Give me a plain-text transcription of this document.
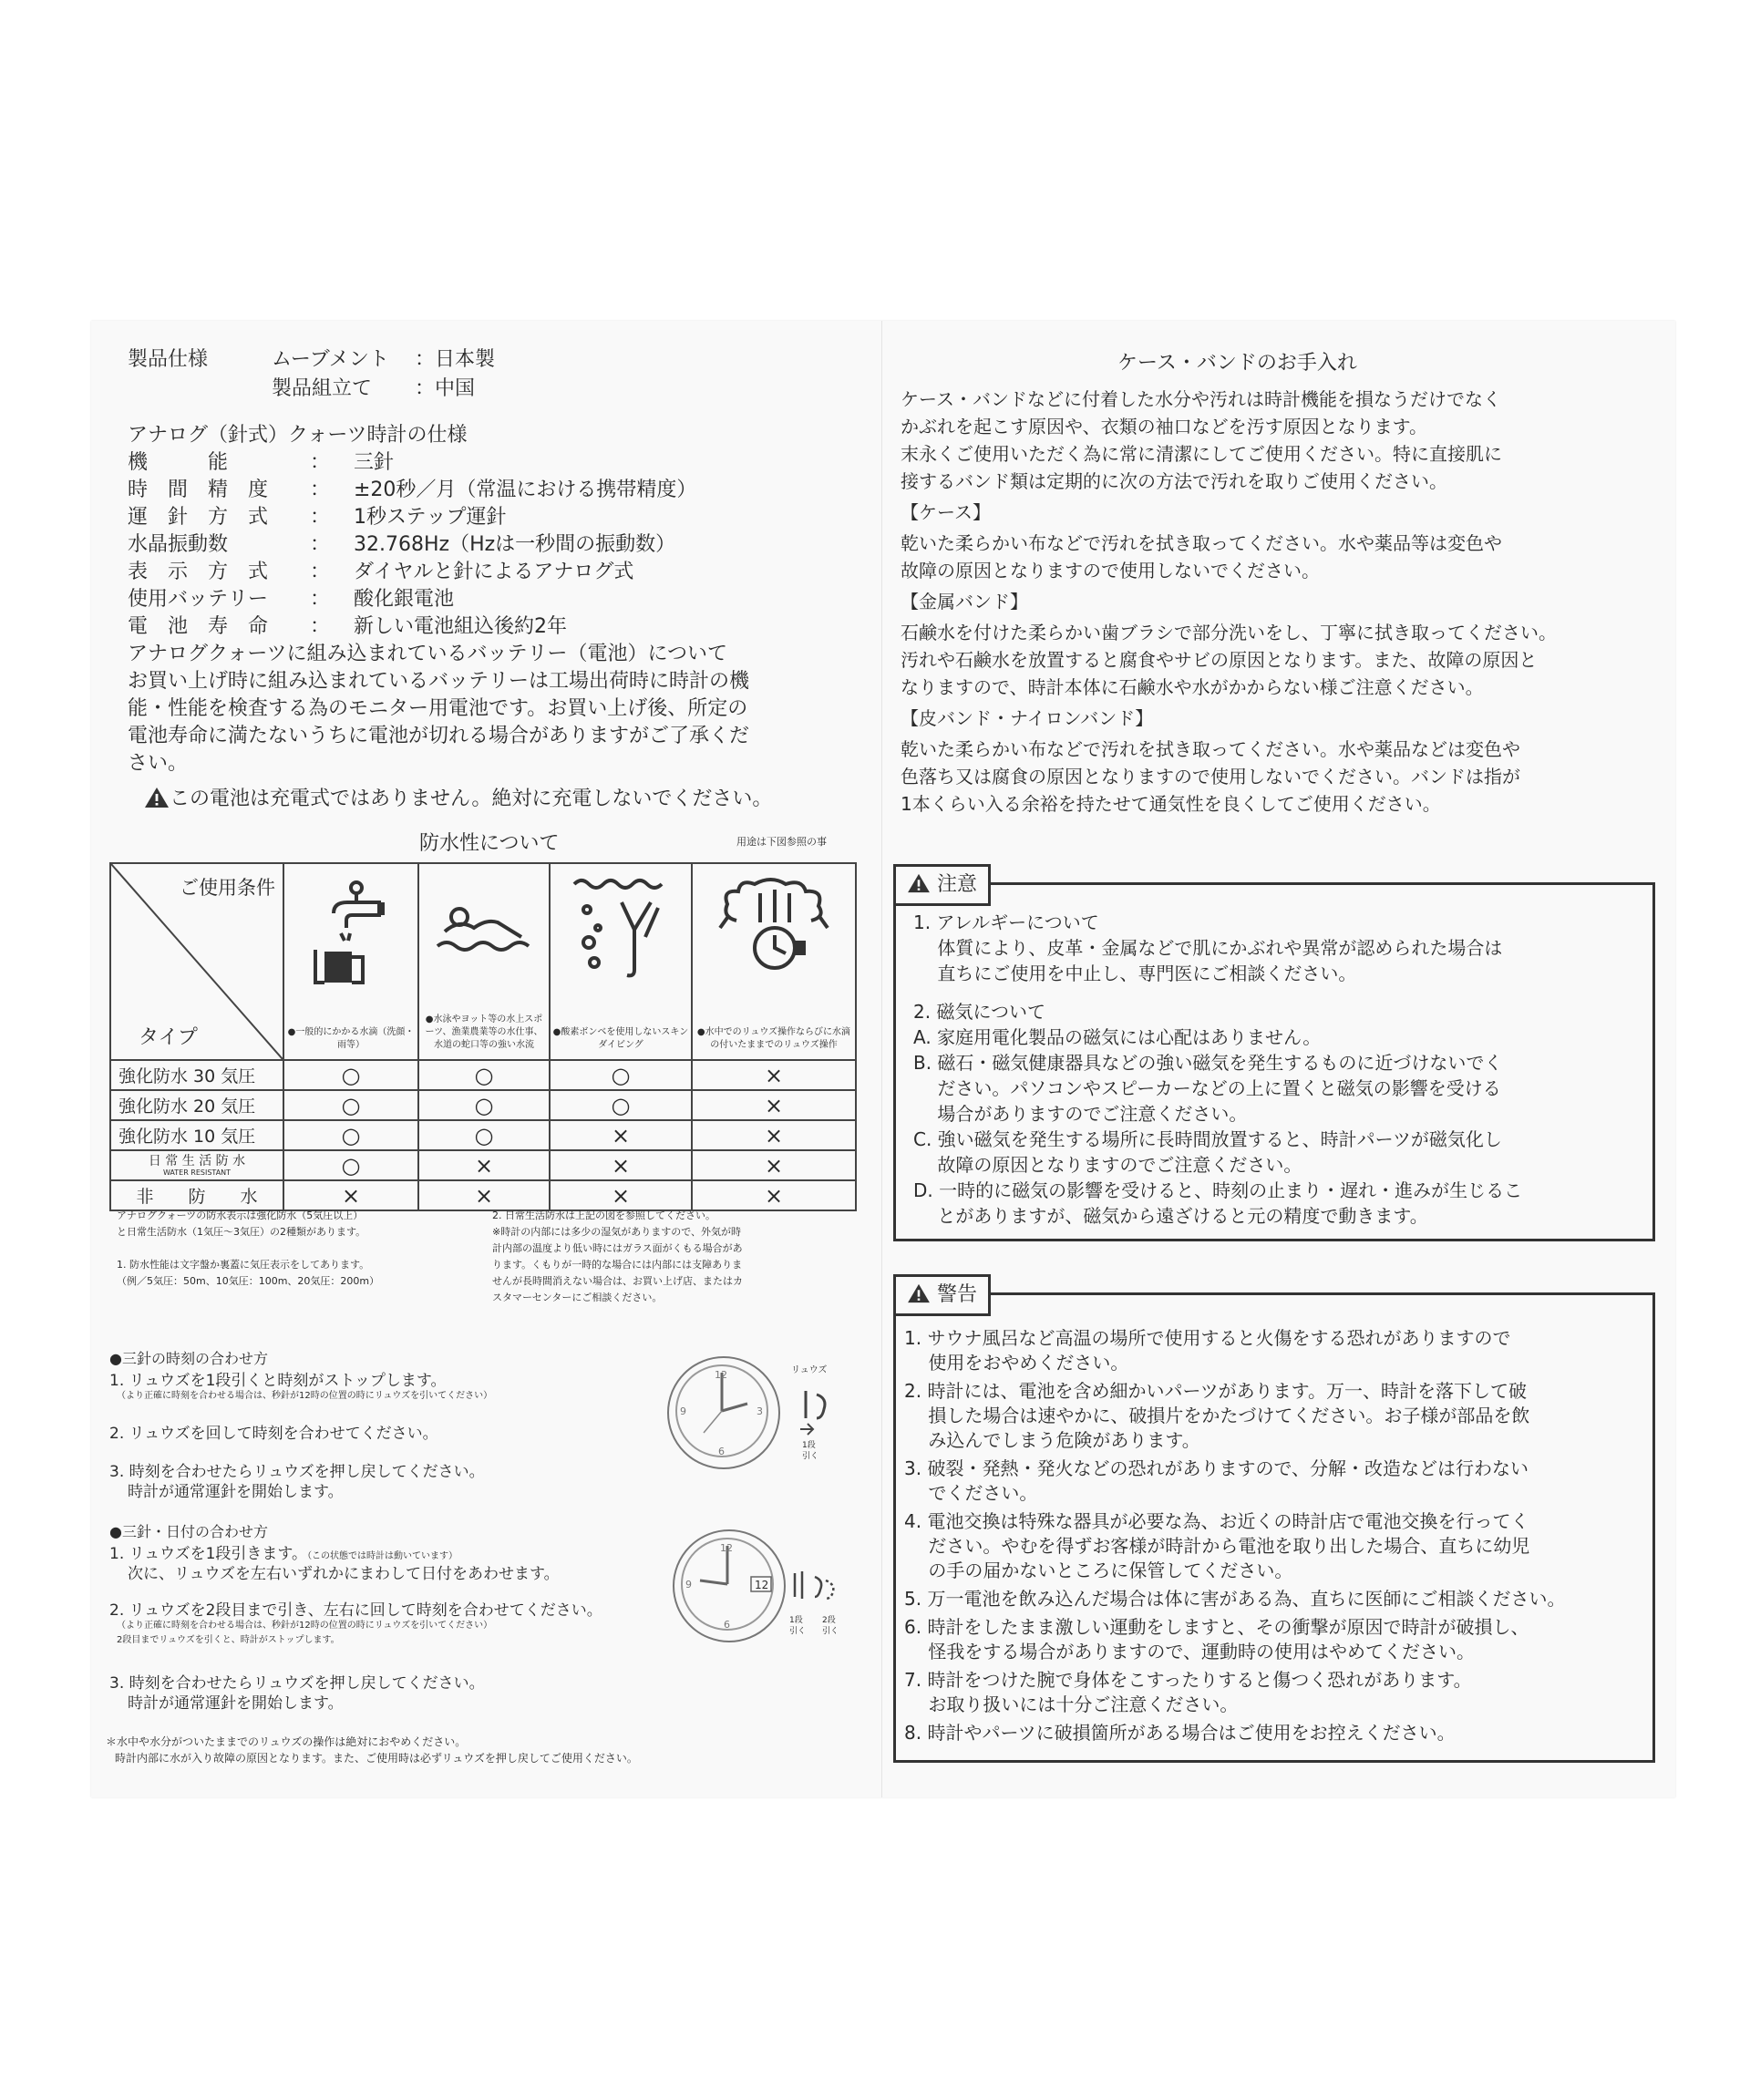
製品仕様	ムーブメント ：日本製
製品組立て ：中国
アナログ（針式）クォーツ時計の仕様
機　　　能	： 三針
時　間　精　度 ： ±20秒／月（常温における携帯精度）
運　針　方　式 ： 1秒ステップ運針
水晶振動数	： 32.768Hz（Hzは一秒間の振動数）
表　示　方　式 ： ダイヤルと針によるアナログ式
使用バッテリー ： 酸化銀電池
電　池　寿　命 ： 新しい電池組込後約2年
アナログクォーツに組み込まれているバッテリー（電池）について
お買い上げ時に組み込まれているバッテリーは工場出荷時に時計の機
能・性能を検査する為のモニター用電池です。お買い上げ後、所定の
電池寿命に満たないうちに電池が切れる場合がありますがご了承くだ
さい。
この電池は充電式ではありません。絶対に充電しないでください。
防水性について	用途は下図参照の事
ご使用条件
タイプ	●一般的にかかる水滴（洗顔・雨等）	●水泳やヨット等の水上スポーツ、漁業農業等の水仕事、水道の蛇口等の強い水流	●酸素ボンベを使用しないスキンダイビング	●水中でのリュウズ操作ならびに水滴の付いたままでのリュウズ操作

強化防水 30 気圧	○	○	○	×
強化防水 20 気圧	○	○	○	×
強化防水 10 気圧	○	○	×	×

日 常 生 活 防 水
WATER RESISTANT	○	×	×	×
非　　防　　水	×	×	×	×
アナログクォーツの防水表示は強化防水（5気圧以上）
と日常生活防水（1気圧〜3気圧）の2種類があります。
1. 防水性能は文字盤か裏蓋に気圧表示をしてあります。
（例／5気圧：50m、10気圧：100m、20気圧：200m）
2. 日常生活防水は上記の図を参照してください。
※時計の内部には多少の湿気がありますので、外気が時
計内部の温度より低い時にはガラス面がくもる場合があ
ります。くもりが一時的な場合には内部には支障ありま
せんが長時間消えない場合は、お買い上げ店、またはカ
スタマーセンターにご相談ください。
●三針の時刻の合わせ方
1. リュウズを1段引くと時刻がストップします。
（より正確に時刻を合わせる場合は、秒針が12時の位置の時にリュウズを引いてください）
2. リュウズを回して時刻を合わせてください。
3. 時刻を合わせたらリュウズを押し戻してください。
時計が通常運針を開始します。
12
3
6
9
リュウズ
1段
引く
●三針・日付の合わせ方
1. リュウズを1段引きます。（この状態では時計は動いています）
次に、リュウズを左右いずれかにまわして日付をあわせます。
2. リュウズを2段目まで引き、左右に回して時刻を合わせてください。
（より正確に時刻を合わせる場合は、秒針が12時の位置の時にリュウズを引いてください）
2段目までリュウズを引くと、時計がストップします。
3. 時刻を合わせたらリュウズを押し戻してください。
時計が通常運針を開始します。
12
6
9	12
1段
引く
2段
引く
＊水中や水分がついたままでのリュウズの操作は絶対におやめください。
時計内部に水が入り故障の原因となります。また、ご使用時は必ずリュウズを押し戻してご使用ください。
ケース・バンドのお手入れ
ケース・バンドなどに付着した水分や汚れは時計機能を損なうだけでなく
かぶれを起こす原因や、衣類の袖口などを汚す原因となります。
末永くご使用いただく為に常に清潔にしてご使用ください。特に直接肌に
接するバンド類は定期的に次の方法で汚れを取りご使用ください。
【ケース】
乾いた柔らかい布などで汚れを拭き取ってください。水や薬品等は変色や
故障の原因となりますので使用しないでください。
【金属バンド】
石鹸水を付けた柔らかい歯ブラシで部分洗いをし、丁寧に拭き取ってください。
汚れや石鹸水を放置すると腐食やサビの原因となります。また、故障の原因と
なりますので、時計本体に石鹸水や水がかからない様ご注意ください。
【皮バンド・ナイロンバンド】
乾いた柔らかい布などで汚れを拭き取ってください。水や薬品などは変色や
色落ち又は腐食の原因となりますので使用しないでください。バンドは指が
1本くらい入る余裕を持たせて通気性を良くしてご使用ください。
注意
1. アレルギーについて
　 体質により、皮革・金属などで肌にかぶれや異常が認められた場合は
　 直ちにご使用を中止し、専門医にご相談ください。
2. 磁気について
A. 家庭用電化製品の磁気には心配はありません。
B. 磁石・磁気健康器具などの強い磁気を発生するものに近づけないでく
　 ださい。パソコンやスピーカーなどの上に置くと磁気の影響を受ける
　 場合がありますのでご注意ください。
C. 強い磁気を発生する場所に長時間放置すると、時計パーツが磁気化し
　 故障の原因となりますのでご注意ください。
D. 一時的に磁気の影響を受けると、時刻の止まり・遅れ・進みが生じるこ
　 とがありますが、磁気から遠ざけると元の精度で動きます。
警告
1. サウナ風呂など高温の場所で使用すると火傷をする恐れがありますので
　 使用をおやめください。
2. 時計には、電池を含め細かいパーツがあります。万一、時計を落下して破
　 損した場合は速やかに、破損片をかたづけてください。お子様が部品を飲
　 み込んでしまう危険があります。
3. 破裂・発熱・発火などの恐れがありますので、分解・改造などは行わない
　 でください。
4. 電池交換は特殊な器具が必要な為、お近くの時計店で電池交換を行ってく
　 ださい。やむを得ずお客様が時計から電池を取り出した場合、直ちに幼児
　 の手の届かないところに保管してください。
5. 万一電池を飲み込んだ場合は体に害がある為、直ちに医師にご相談ください。
6. 時計をしたまま激しい運動をしますと、その衝撃が原因で時計が破損し、
　 怪我をする場合がありますので、運動時の使用はやめてください。
7. 時計をつけた腕で身体をこすったりすると傷つく恐れがあります。
　 お取り扱いには十分ご注意ください。
8. 時計やパーツに破損箇所がある場合はご使用をお控えください。
